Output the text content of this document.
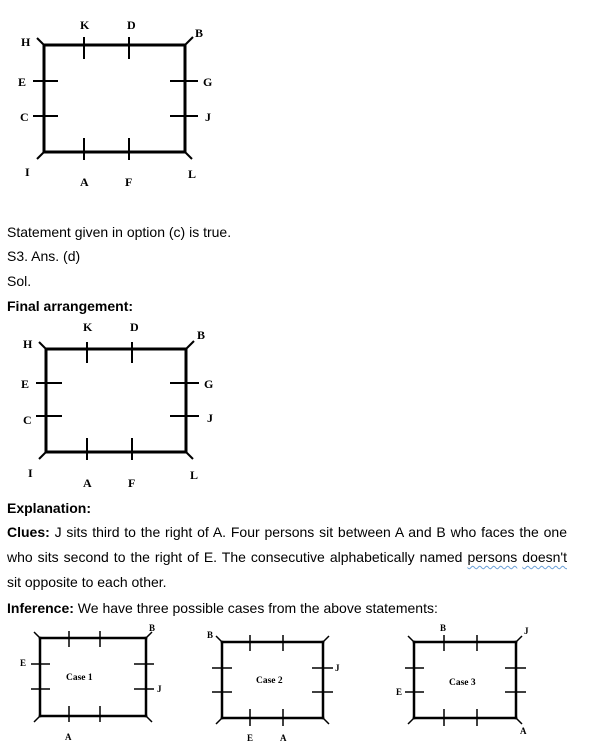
H
K	D
B
E	G
C	J
I
A	F
L
Statement given in option (c) is true.
S3. Ans. (d)
Sol.
Final arrangement:
H
K	D
B
E	G
C	J
I
A	F
L
Explanation:
Clues: J sits third to the right of A. Four persons sit between A and B who faces the one who sits second to the right of E. The consecutive alphabetically named persons doesn't sit opposite to each other.
Inference: We have three possible cases from the above statements:
Case 1
B
E
J
A
Case 2
B
J
E	A
Case 3
B	J
E
A
